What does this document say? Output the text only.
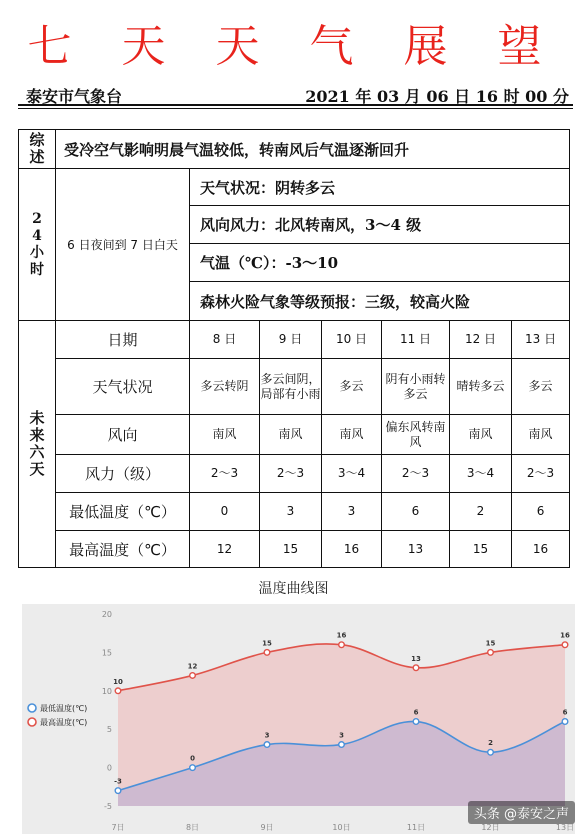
七 天 天 气 展 望
泰安市气象台	2021 年 03 月 06 日 16 时 00 分
综述	受冷空气影响明晨气温较低，转南风后气温逐渐回升						
24小时	6 日夜间到 7 日白天	天气状况：阴转多云					
		风向风力：北风转南风，3～4 级					
		气温（℃）：-3～10					
		森林火险气象等级预报：三级，较高火险					
未来六天	日期	8 日	9 日	10 日	11 日	12 日	13 日
	天气状况	多云转阴	多云间阴，局部有小雨	多云	阴有小雨转多云	晴转多云	多云
	风向	南风	南风	南风	偏东风转南风	南风	南风
	风力（级）	2～3	2～3	3～4	2～3	3～4	2～3
	最低温度（℃）	0	3	3	6	2	6
	最高温度（℃）	12	15	16	13	15	16
温度曲线图
-5
0
5
10
15
20
7日	8日	9日	10日	11日	12日	13日
-3
0
3	3
6
2
6
10
12
15
16
13
15
16
最低温度(℃)
最高温度(℃)
头条 @泰安之声
